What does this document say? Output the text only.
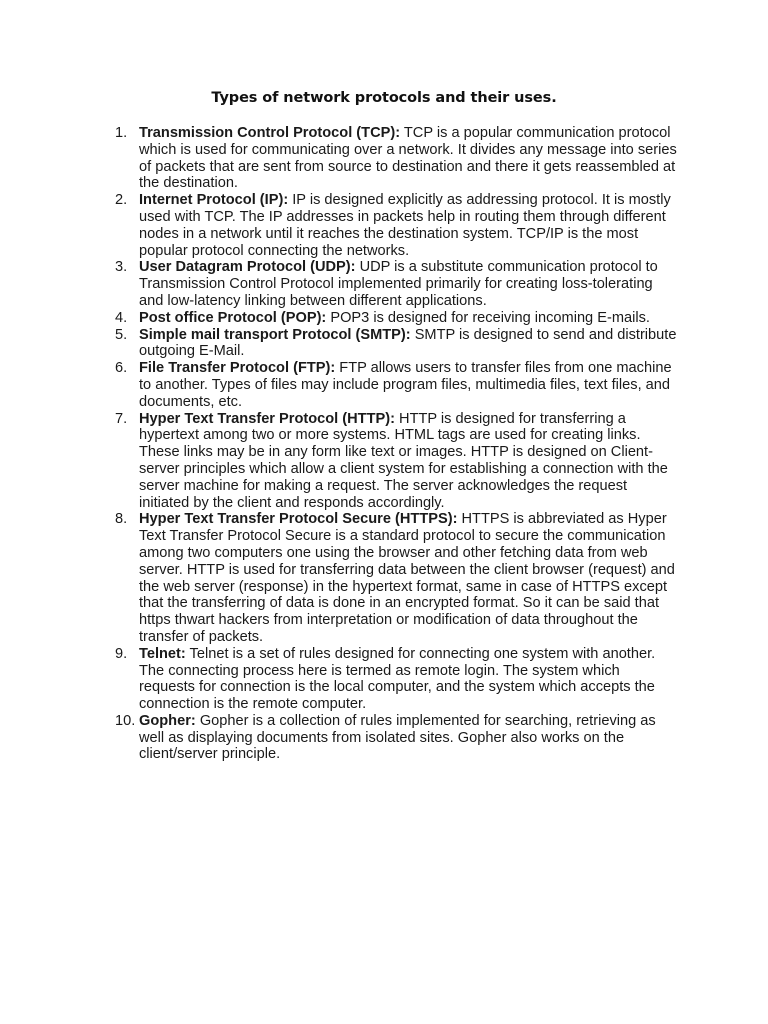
Types of network protocols and their uses.
1. Transmission Control Protocol (TCP): TCP is a popular communication protocol which is used for communicating over a network. It divides any message into series of packets that are sent from source to destination and there it gets reassembled at the destination.
2. Internet Protocol (IP): IP is designed explicitly as addressing protocol. It is mostly used with TCP. The IP addresses in packets help in routing them through different nodes in a network until it reaches the destination system. TCP/IP is the most popular protocol connecting the networks.
3. User Datagram Protocol (UDP): UDP is a substitute communication protocol to Transmission Control Protocol implemented primarily for creating loss-tolerating and low-latency linking between different applications.
4. Post office Protocol (POP): POP3 is designed for receiving incoming E-mails.
5. Simple mail transport Protocol (SMTP): SMTP is designed to send and distribute outgoing E-Mail.
6. File Transfer Protocol (FTP): FTP allows users to transfer files from one machine to another. Types of files may include program files, multimedia files, text files, and documents, etc.
7. Hyper Text Transfer Protocol (HTTP): HTTP is designed for transferring a hypertext among two or more systems. HTML tags are used for creating links. These links may be in any form like text or images. HTTP is designed on Client-server principles which allow a client system for establishing a connection with the server machine for making a request. The server acknowledges the request initiated by the client and responds accordingly.
8. Hyper Text Transfer Protocol Secure (HTTPS): HTTPS is abbreviated as Hyper Text Transfer Protocol Secure is a standard protocol to secure the communication among two computers one using the browser and other fetching data from web server. HTTP is used for transferring data between the client browser (request) and the web server (response) in the hypertext format, same in case of HTTPS except that the transferring of data is done in an encrypted format. So it can be said that https thwart hackers from interpretation or modification of data throughout the transfer of packets.
9. Telnet: Telnet is a set of rules designed for connecting one system with another. The connecting process here is termed as remote login. The system which requests for connection is the local computer, and the system which accepts the connection is the remote computer.
10. Gopher: Gopher is a collection of rules implemented for searching, retrieving as well as displaying documents from isolated sites. Gopher also works on the client/server principle.
